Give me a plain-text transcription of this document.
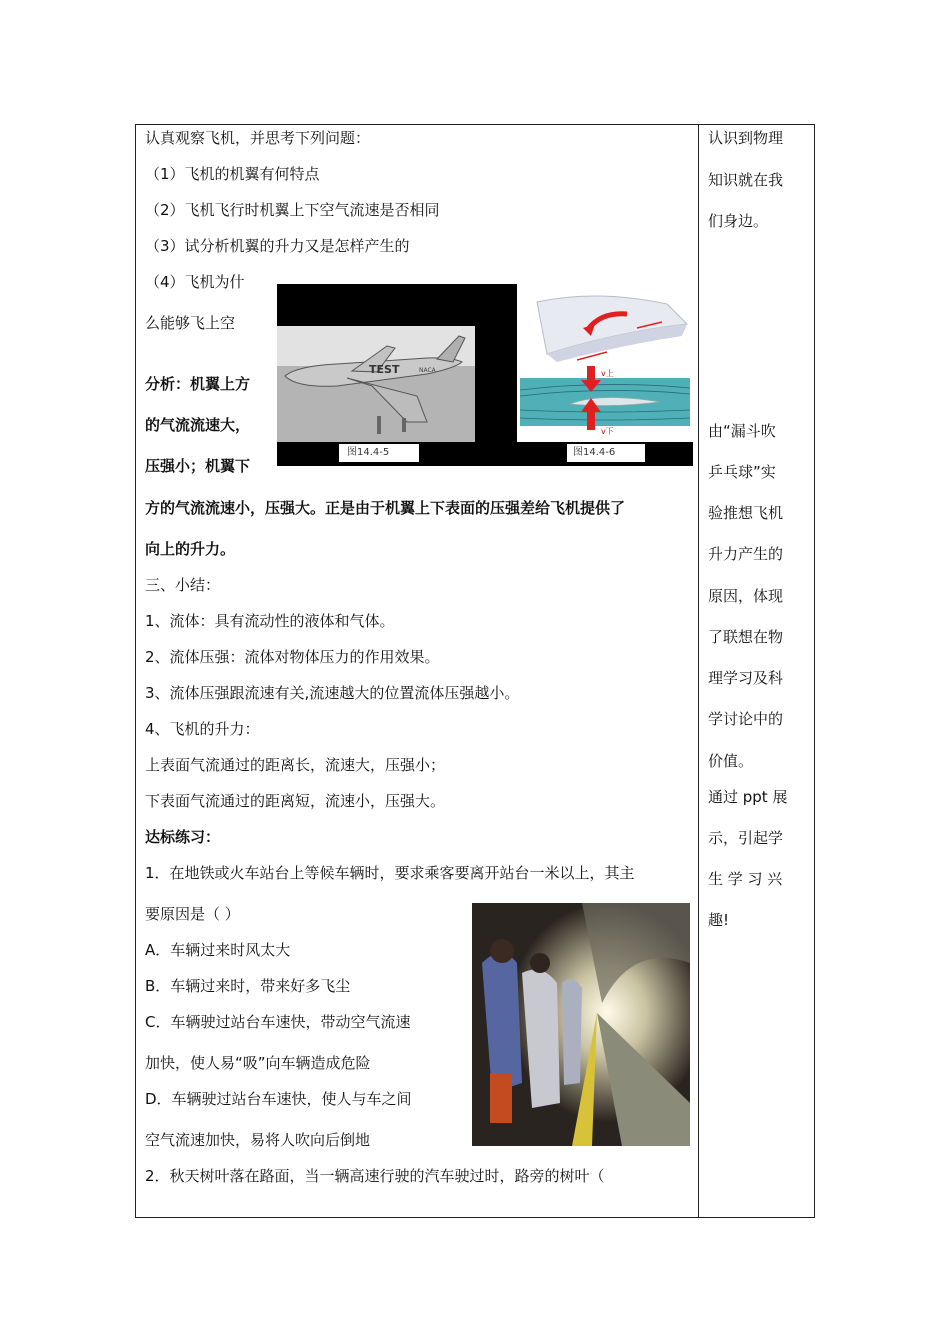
认真观察飞机，并思考下列问题：
（1）飞机的机翼有何特点
（2）飞机飞行时机翼上下空气流速是否相同
（3）试分析机翼的升力又是怎样产生的
（4）飞机为什
么能够飞上空
分析：机翼上方
的气流流速大，
压强小；机翼下
方的气流流速小，压强大。正是由于机翼上下表面的压强差给飞机提供了
向上的升力。
三、小结：
1、流体：具有流动性的液体和气体。
2、流体压强：流体对物体压力的作用效果。
3、流体压强跟流速有关,流速越大的位置流体压强越小。
4、飞机的升力：
上表面气流通过的距离长，流速大，压强小；
下表面气流通过的距离短，流速小，压强大。
达标练习：
1．在地铁或火车站台上等候车辆时，要求乘客要离开站台一米以上，其主
要原因是（ ）
A．车辆过来时风太大
B．车辆过来时，带来好多飞尘
C．车辆驶过站台车速快，带动空气流速
加快，使人易“吸”向车辆造成危险
D．车辆驶过站台车速快，使人与车之间
空气流速加快，易将人吹向后倒地
2．秋天树叶落在路面，当一辆高速行驶的汽车驶过时，路旁的树叶（
TEST	NACA
图14.4-5
v上
v下
图14.4-6
认识到物理
知识就在我
们身边。
由“漏斗吹
乒乓球”实
验推想飞机
升力产生的
原因，体现
了联想在物
理学习及科
学讨论中的
价值。
通过 ppt 展
示，引起学
生 学 习 兴
趣!
